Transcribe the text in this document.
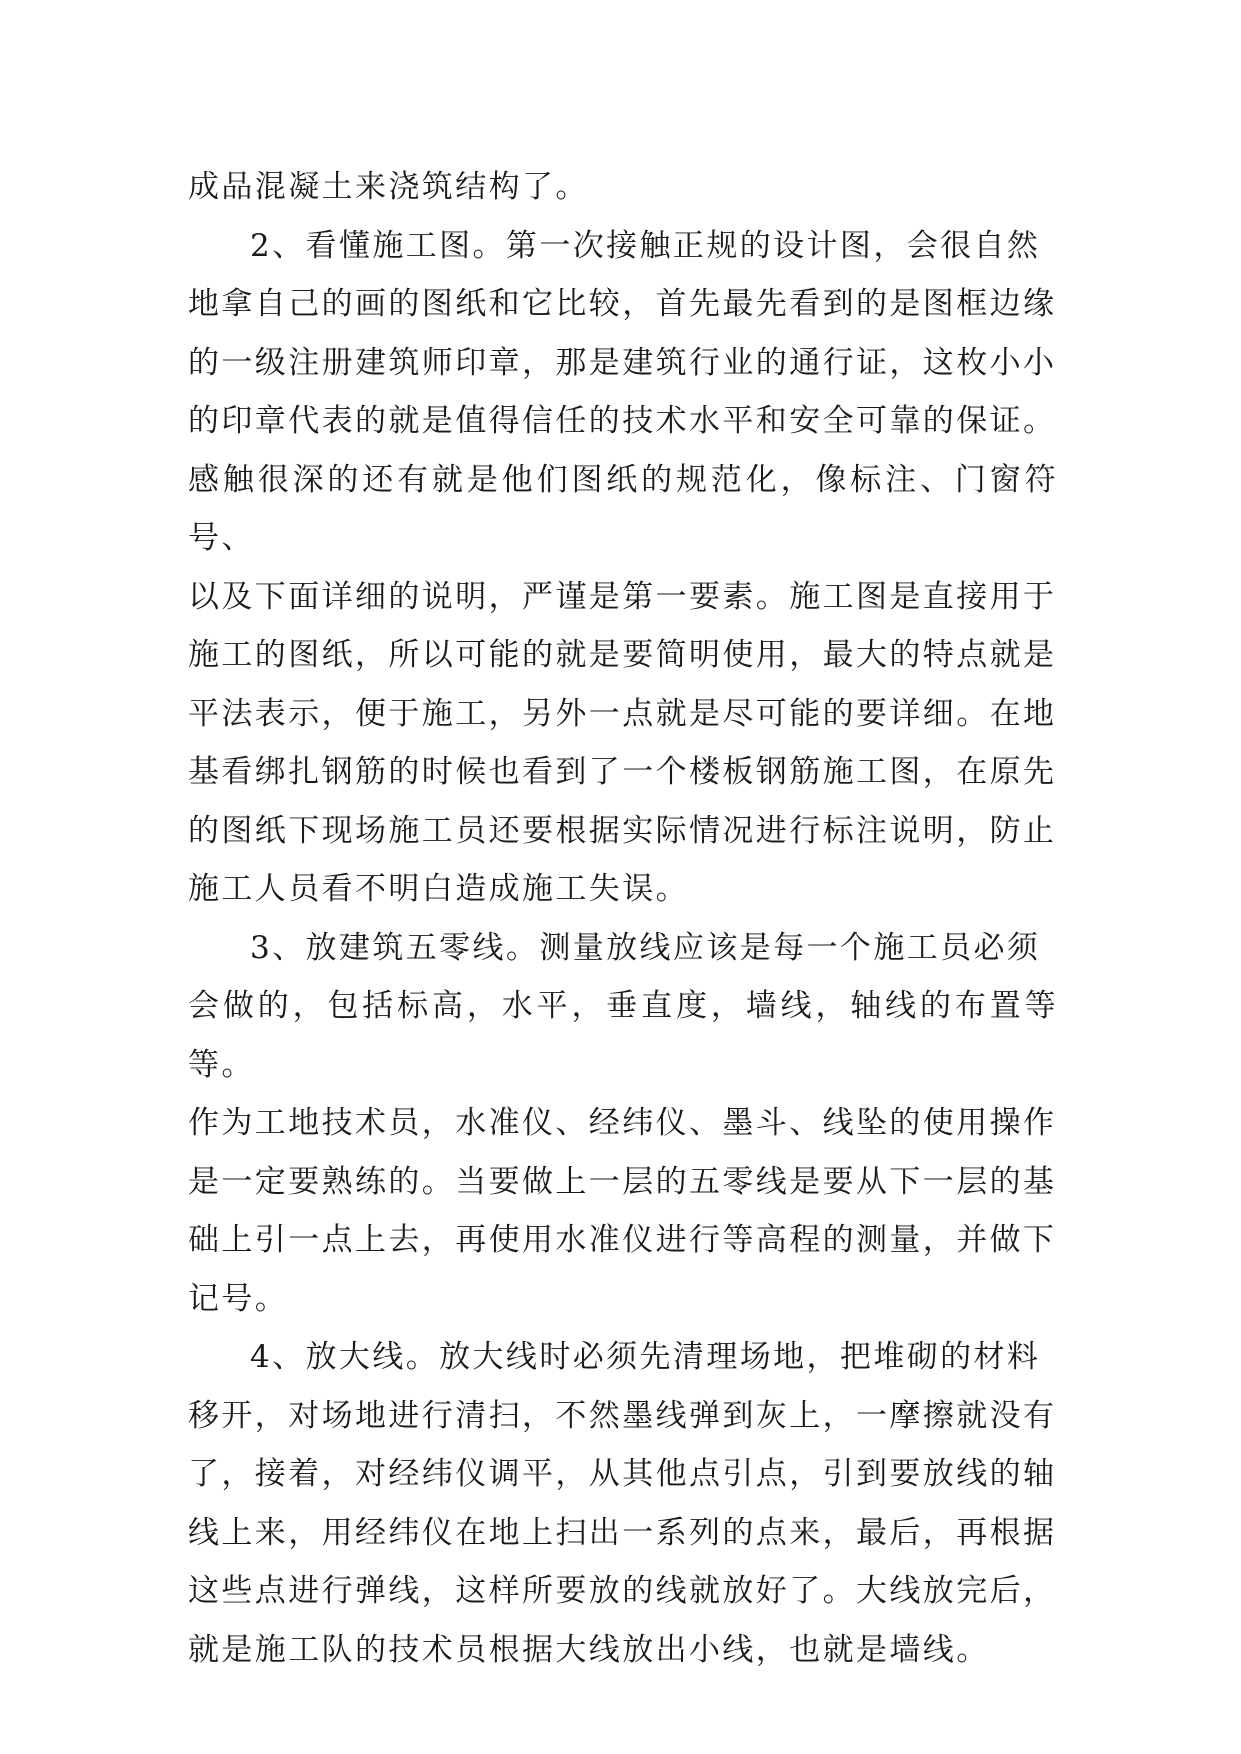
成品混凝土来浇筑结构了。

2、看懂施工图。第一次接触正规的设计图，会很自然
地拿自己的画的图纸和它比较，首先最先看到的是图框边缘
的一级注册建筑师印章，那是建筑行业的通行证，这枚小小
的印章代表的就是值得信任的技术水平和安全可靠的保证。
感触很深的还有就是他们图纸的规范化，像标注、门窗符号、
以及下面详细的说明，严谨是第一要素。施工图是直接用于
施工的图纸，所以可能的就是要简明使用，最大的特点就是
平法表示，便于施工，另外一点就是尽可能的要详细。在地
基看绑扎钢筋的时候也看到了一个楼板钢筋施工图，在原先
的图纸下现场施工员还要根据实际情况进行标注说明，防止
施工人员看不明白造成施工失误。

3、放建筑五零线。测量放线应该是每一个施工员必须
会做的，包括标高，水平，垂直度，墙线，轴线的布置等等。
作为工地技术员，水准仪、经纬仪、墨斗、线坠的使用操作
是一定要熟练的。当要做上一层的五零线是要从下一层的基
础上引一点上去，再使用水准仪进行等高程的测量，并做下
记号。

4、放大线。放大线时必须先清理场地，把堆砌的材料
移开，对场地进行清扫，不然墨线弹到灰上，一摩擦就没有
了，接着，对经纬仪调平，从其他点引点，引到要放线的轴
线上来，用经纬仪在地上扫出一系列的点来，最后，再根据
这些点进行弹线，这样所要放的线就放好了。大线放完后，
就是施工队的技术员根据大线放出小线，也就是墙线。
